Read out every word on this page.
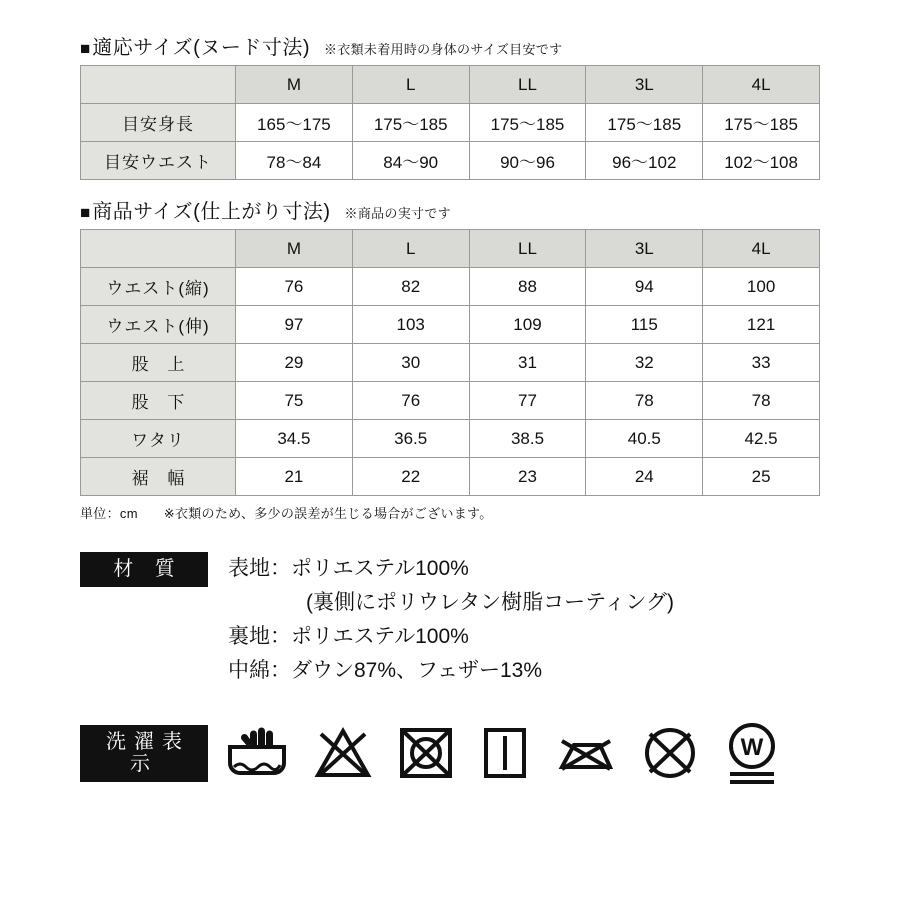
■ 適応サイズ(ヌード寸法) ※衣類未着用時の身体のサイズ目安です
	M	L	LL	3L	4L
目安身長	165〜175	175〜185	175〜185	175〜185	175〜185
目安ウエスト	78〜84	84〜90	90〜96	96〜102	102〜108
■ 商品サイズ(仕上がり寸法) ※商品の実寸です
	M	L	LL	3L	4L
ウエスト(縮)	76	82	88	94	100
ウエスト(伸)	97	103	109	115	121
股 上	29	30	31	32	33
股 下	75	76	77	78	78
ワタリ	34.5	36.5	38.5	40.5	42.5
裾 幅	21	22	23	24	25
単位：cm ※衣類のため、多少の誤差が生じる場合がございます。
材 質	表地：ポリエステル100%
(裏側にポリウレタン樹脂コーティング)
裏地：ポリエステル100%
中綿：ダウン87%、フェザー13%
洗濯表示
W
